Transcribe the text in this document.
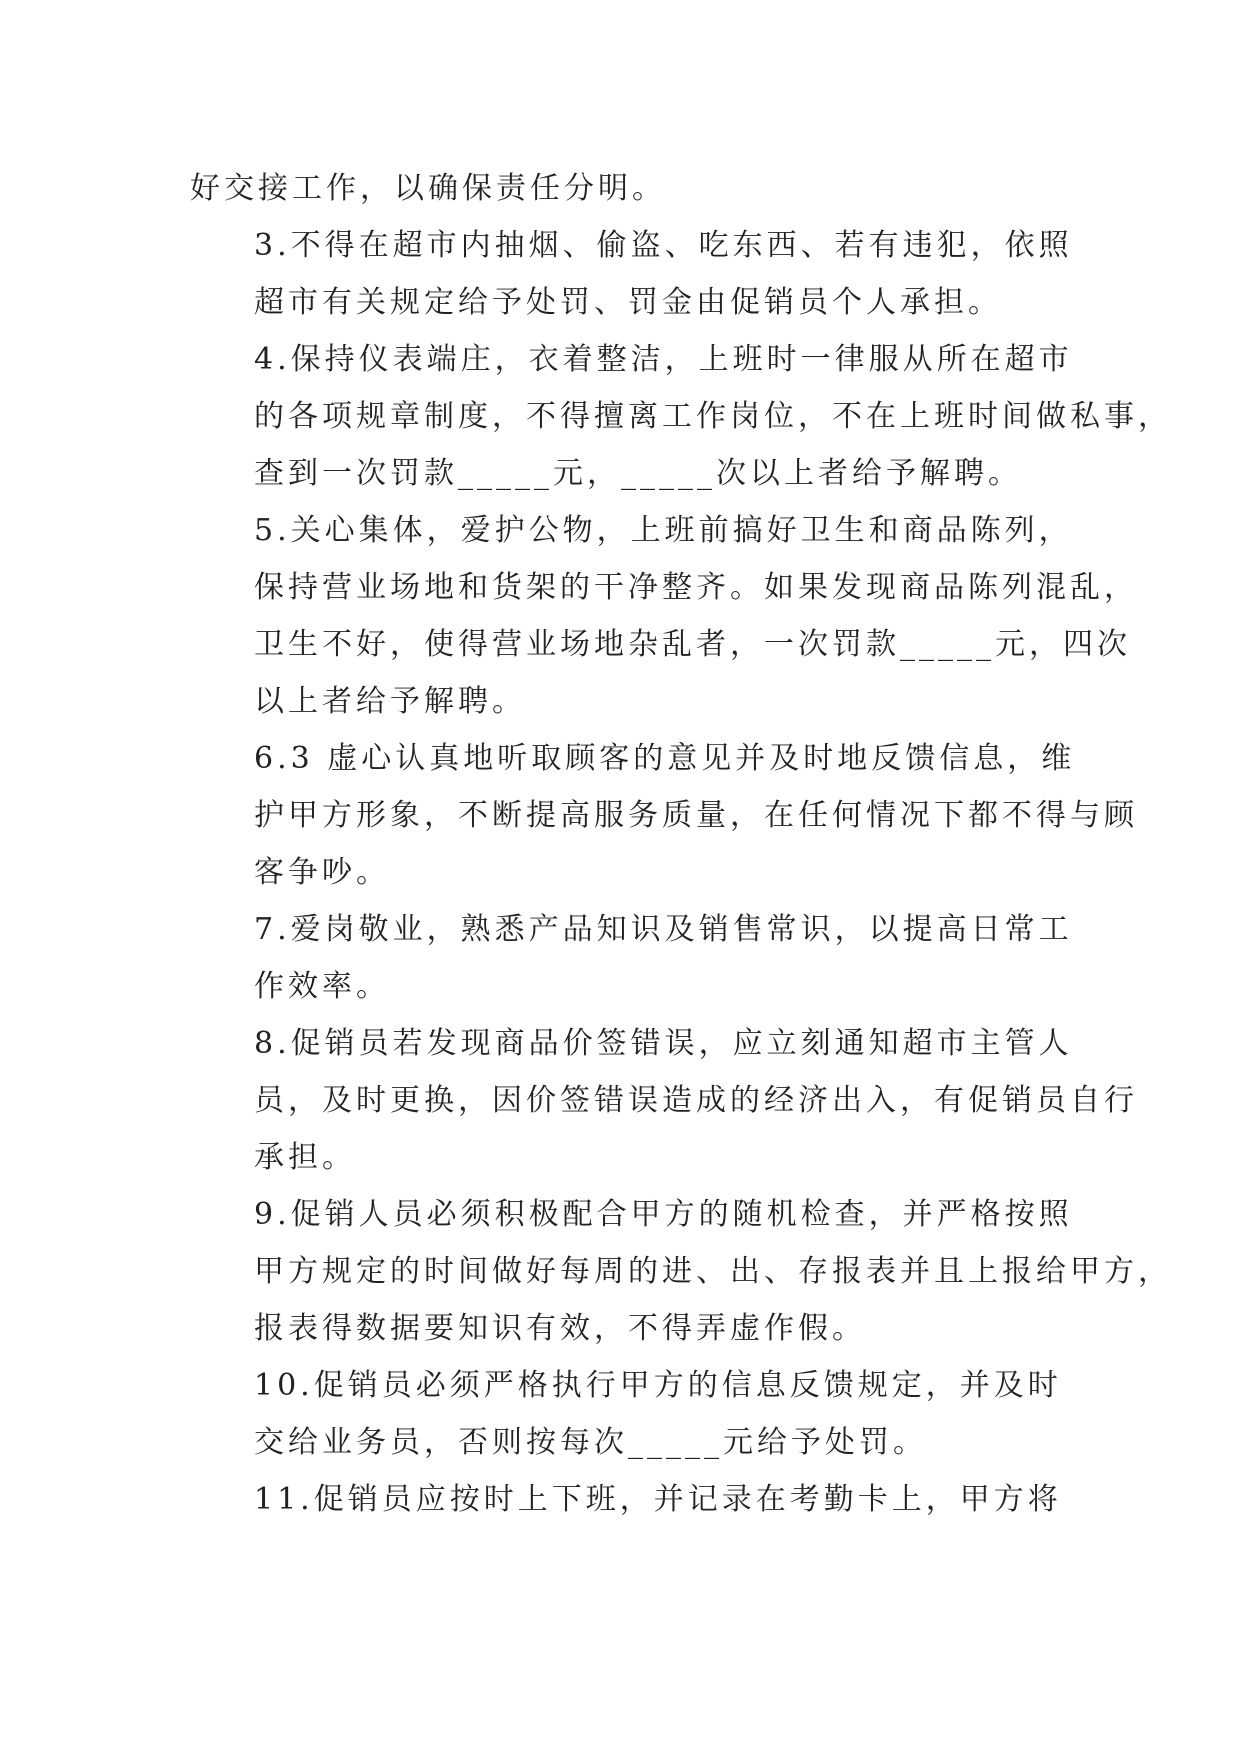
好交接工作，以确保责任分明。
3.不得在超市内抽烟、偷盗、吃东西、若有违犯，依照
超市有关规定给予处罚、罚金由促销员个人承担。
4.保持仪表端庄，衣着整洁，上班时一律服从所在超市
的各项规章制度，不得擅离工作岗位，不在上班时间做私事，
查到一次罚款_____元，_____次以上者给予解聘。
5.关心集体，爱护公物，上班前搞好卫生和商品陈列，
保持营业场地和货架的干净整齐。如果发现商品陈列混乱，
卫生不好，使得营业场地杂乱者，一次罚款_____元，四次
以上者给予解聘。
6.3 虚心认真地听取顾客的意见并及时地反馈信息，维
护甲方形象，不断提高服务质量，在任何情况下都不得与顾
客争吵。
7.爱岗敬业，熟悉产品知识及销售常识，以提高日常工
作效率。
8.促销员若发现商品价签错误，应立刻通知超市主管人
员，及时更换，因价签错误造成的经济出入，有促销员自行
承担。
9.促销人员必须积极配合甲方的随机检查，并严格按照
甲方规定的时间做好每周的进、出、存报表并且上报给甲方，
报表得数据要知识有效，不得弄虚作假。
10.促销员必须严格执行甲方的信息反馈规定，并及时
交给业务员，否则按每次_____元给予处罚。
11.促销员应按时上下班，并记录在考勤卡上，甲方将
